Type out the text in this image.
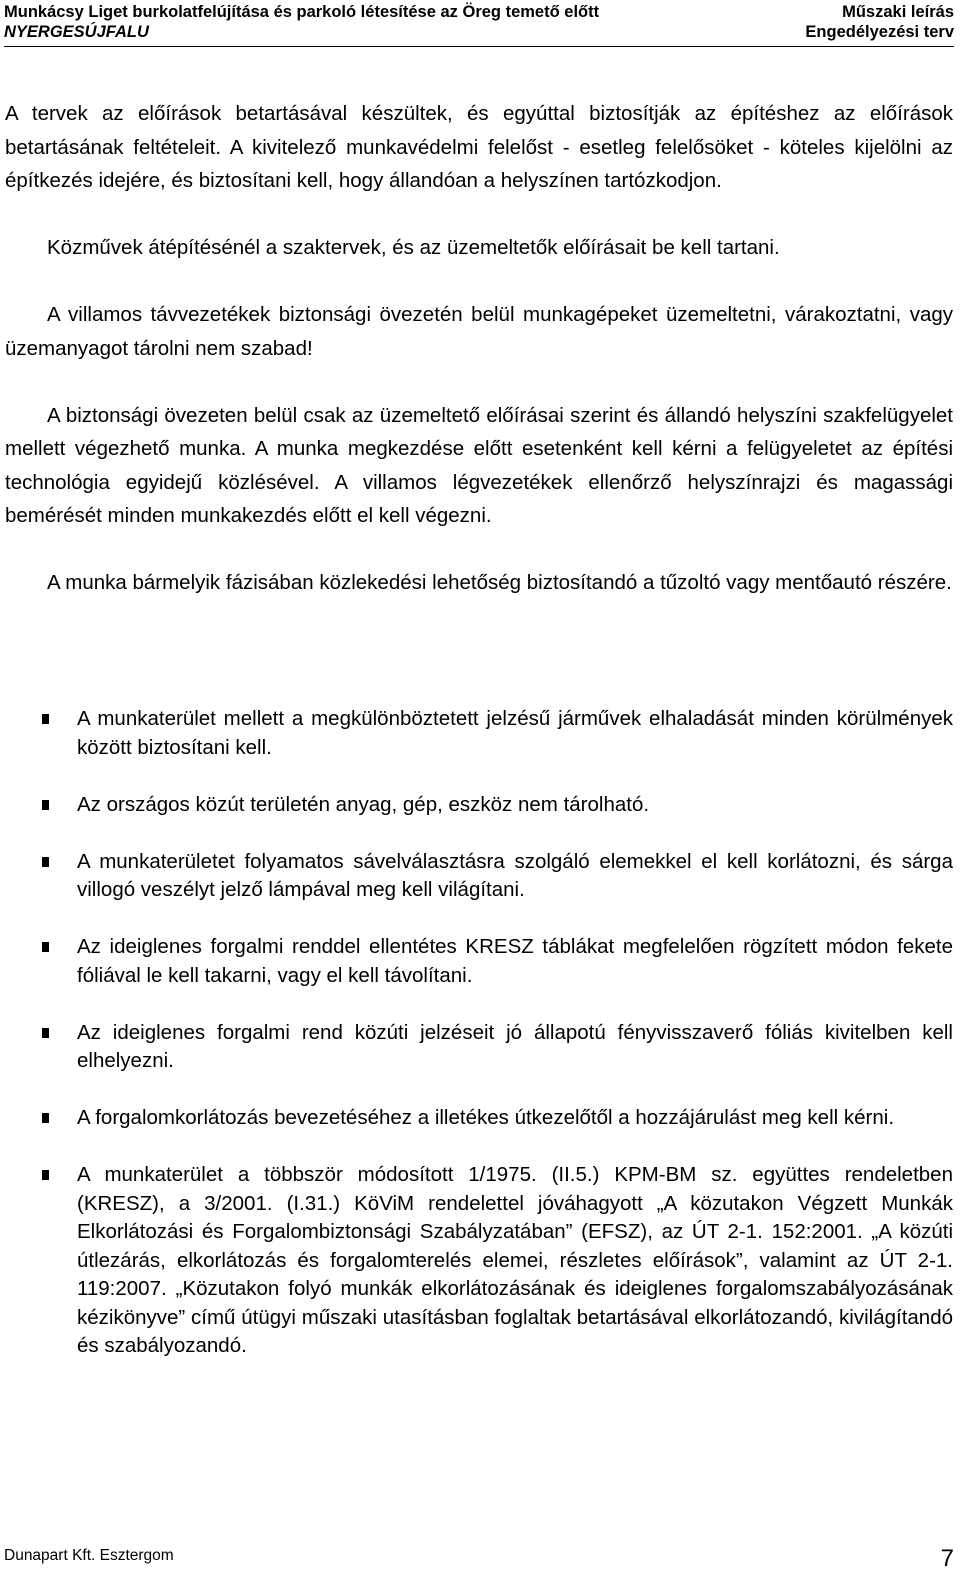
Munkácsy Liget burkolatfelújítása és parkoló létesítése az Öreg temető előtt	Műszaki leírás
NYERGESÚJFALU	Engedélyezési terv

A tervek az előírások betartásával készültek, és egyúttal biztosítják az építéshez az előírások betartásának feltételeit. A kivitelező munkavédelmi felelőst - esetleg felelősöket - köteles kijelölni az építkezés idejére, és biztosítani kell, hogy állandóan a helyszínen tartózkodjon.

Közművek átépítésénél a szaktervek, és az üzemeltetők előírásait be kell tartani.

A villamos távvezetékek biztonsági övezetén belül munkagépeket üzemeltetni, várakoztatni, vagy üzemanyagot tárolni nem szabad!

A biztonsági övezeten belül csak az üzemeltető előírásai szerint és állandó helyszíni szakfelügyelet mellett végezhető munka. A munka megkezdése előtt esetenként kell kérni a felügyeletet az építési technológia egyidejű közlésével. A villamos légvezetékek ellenőrző helyszínrajzi és magassági bemérését minden munkakezdés előtt el kell végezni.

A munka bármelyik fázisában közlekedési lehetőség biztosítandó a tűzoltó vagy mentőautó részére.

A munkaterület mellett a megkülönböztetett jelzésű járművek elhaladását minden körülmények között biztosítani kell.
Az országos közút területén anyag, gép, eszköz nem tárolható.
A munkaterületet folyamatos sávelválasztásra szolgáló elemekkel el kell korlátozni, és sárga villogó veszélyt jelző lámpával meg kell világítani.
Az ideiglenes forgalmi renddel ellentétes KRESZ táblákat megfelelően rögzített módon fekete fóliával le kell takarni, vagy el kell távolítani.
Az ideiglenes forgalmi rend közúti jelzéseit jó állapotú fényvisszaverő fóliás kivitelben kell elhelyezni.
A forgalomkorlátozás bevezetéséhez a illetékes útkezelőtől a hozzájárulást meg kell kérni.
A munkaterület a többször módosított 1/1975. (II.5.) KPM-BM sz. együttes rendeletben (KRESZ), a 3/2001. (I.31.) KöViM rendelettel jóváhagyott „A közutakon Végzett Munkák Elkorlátozási és Forgalombiztonsági Szabályzatában” (EFSZ), az ÚT 2-1. 152:2001. „A közúti útlezárás, elkorlátozás és forgalomterelés elemei, részletes előírások”, valamint az ÚT 2-1. 119:2007. „Közutakon folyó munkák elkorlátozásának és ideiglenes forgalomszabályozásának kézikönyve” című útügyi műszaki utasításban foglaltak betartásával elkorlátozandó, kivilágítandó és szabályozandó.
Dunapart Kft. Esztergom	7
